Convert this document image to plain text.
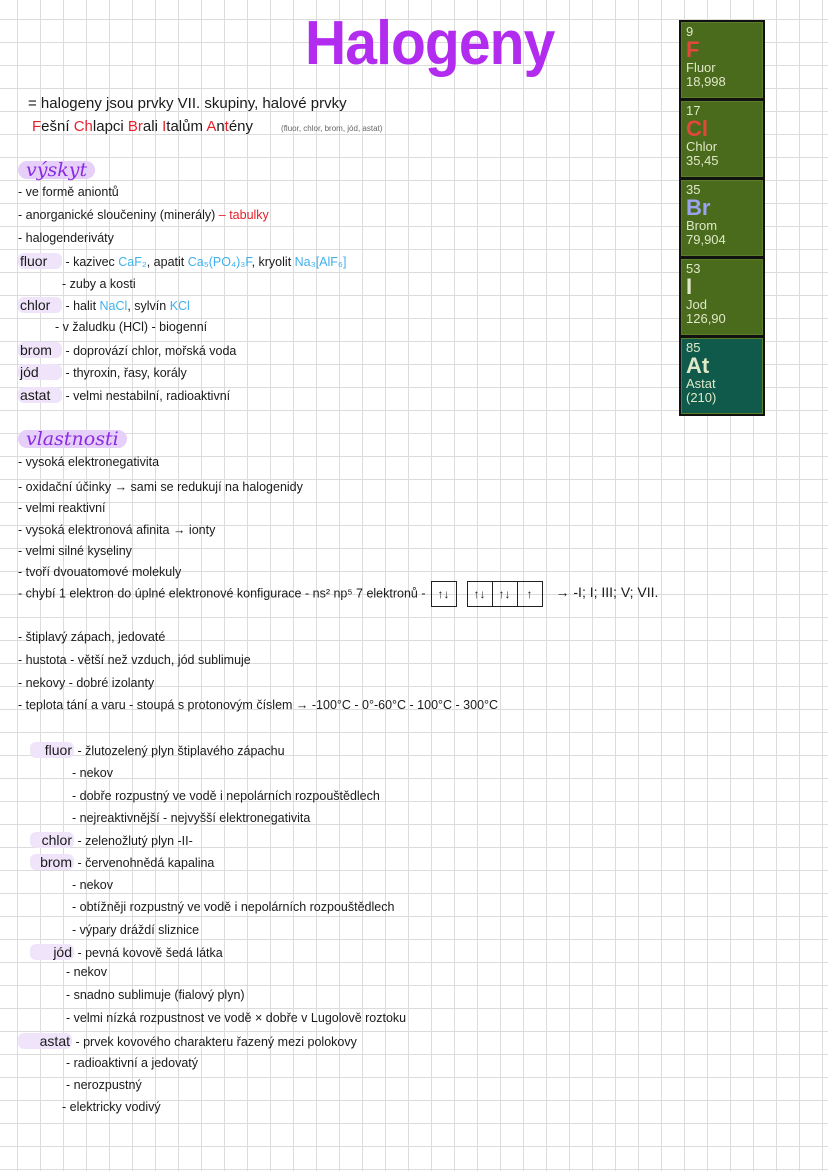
Halogeny
= halogeny jsou prvky VII. skupiny, halové prvky
Fešní Chlapci Brali Italům Antény	(fluor, chlor, brom, jód, astat)
výskyt
- ve formě aniontů
- anorganické sloučeniny (minerály) – tabulky
- halogenderiváty
fluor - kazivec CaF₂, apatit Ca₅(PO₄)₃F, kryolit Na₃[AlF₆]
- zuby a kosti
chlor - halit NaCl, sylvín KCl
- v žaludku (HCl) - biogenní
brom - doprovází chlor, mořská voda
jód - thyroxin, řasy, korály
astat - velmi nestabilní, radioaktivní
vlastnosti
- vysoká elektronegativita
- oxidační účinky → sami se redukují na halogenidy
- velmi reaktivní
- vysoká elektronová afinita → ionty
- velmi silné kyseliny
- tvoří dvouatomové molekuly
- chybí 1 elektron do úplné elektronové konfigurace - ns² np⁵ 7 elektronů -	↑↓	↑↓	↑↓	↑	→ -I; I; III; V; VII.
- štiplavý zápach, jedovaté
- hustota - větší než vzduch, jód sublimuje
- nekovy - dobré izolanty
- teplota tání a varu - stoupá s protonovým číslem → -100°C - 0°-60°C - 100°C - 300°C
fluor - žlutozelený plyn štiplavého zápachu
- nekov
- dobře rozpustný ve vodě i nepolárních rozpouštědlech
- nejreaktivnější - nejvyšší elektronegativita
chlor - zelenožlutý plyn -II-
brom - červenohnědá kapalina
- nekov
- obtížněji rozpustný ve vodě i nepolárních rozpouštědlech
- výpary dráždí sliznice
jód - pevná kovově šedá látka
- nekov
- snadno sublimuje (fialový plyn)
- velmi nízká rozpustnost ve vodě × dobře v Lugolově roztoku
astat - prvek kovového charakteru řazený mezi polokovy
- radioaktivní a jedovatý
- nerozpustný
- elektricky vodivý
9
F
Fluor
18,998
17
Cl
Chlor
35,45
35
Br
Brom
79,904
53
I
Jod
126,90
85
At
Astat
(210)
